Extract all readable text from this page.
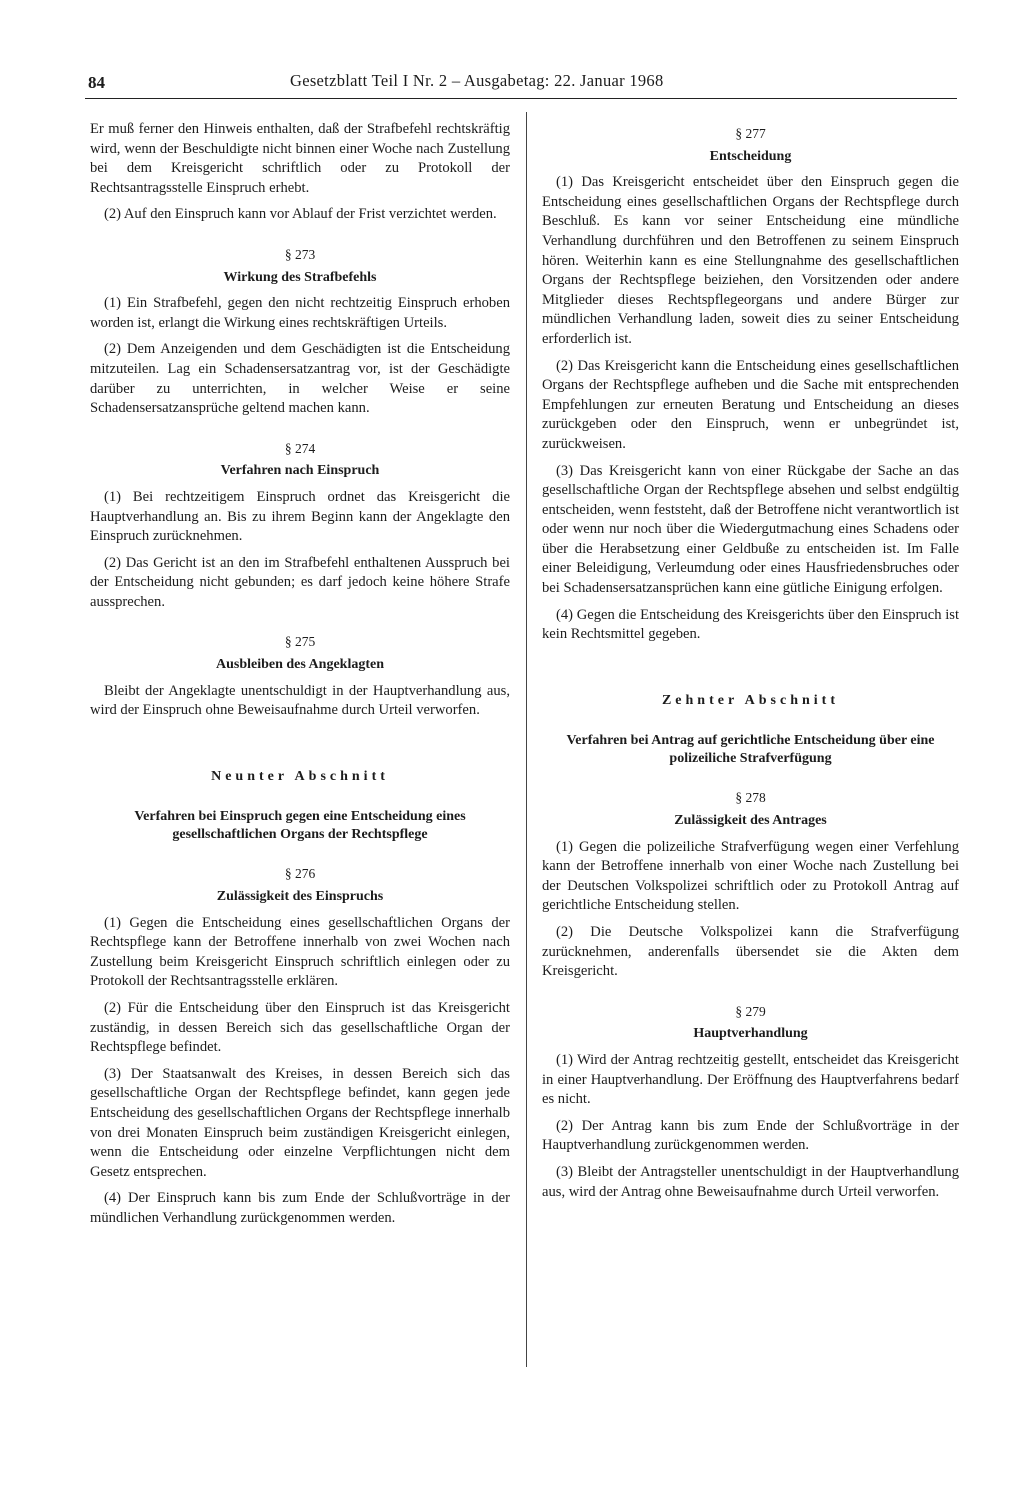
84	Gesetzblatt Teil I Nr. 2 – Ausgabetag: 22. Januar 1968

Er muß ferner den Hinweis enthalten, daß der Strafbefehl rechtskräftig wird, wenn der Beschuldigte nicht binnen einer Woche nach Zustellung bei dem Kreisgericht schriftlich oder zu Protokoll der Rechtsantragsstelle Einspruch erhebt.

(2) Auf den Einspruch kann vor Ablauf der Frist verzichtet werden.

§ 273
Wirkung des Strafbefehls

(1) Ein Strafbefehl, gegen den nicht rechtzeitig Einspruch erhoben worden ist, erlangt die Wirkung eines rechtskräftigen Urteils.

(2) Dem Anzeigenden und dem Geschädigten ist die Entscheidung mitzuteilen. Lag ein Schadensersatzantrag vor, ist der Geschädigte darüber zu unterrichten, in welcher Weise er seine Schadensersatzansprüche geltend machen kann.

§ 274
Verfahren nach Einspruch

(1) Bei rechtzeitigem Einspruch ordnet das Kreisgericht die Hauptverhandlung an. Bis zu ihrem Beginn kann der Angeklagte den Einspruch zurücknehmen.

(2) Das Gericht ist an den im Strafbefehl enthaltenen Ausspruch bei der Entscheidung nicht gebunden; es darf jedoch keine höhere Strafe aussprechen.

§ 275
Ausbleiben des Angeklagten

Bleibt der Angeklagte unentschuldigt in der Hauptverhandlung aus, wird der Einspruch ohne Beweisaufnahme durch Urteil verworfen.

Neunter Abschnitt
Verfahren bei Einspruch gegen eine Entscheidung eines gesellschaftlichen Organs der Rechtspflege
§ 276
Zulässigkeit des Einspruchs

(1) Gegen die Entscheidung eines gesellschaftlichen Organs der Rechtspflege kann der Betroffene innerhalb von zwei Wochen nach Zustellung beim Kreisgericht Einspruch schriftlich einlegen oder zu Protokoll der Rechtsantragsstelle erklären.

(2) Für die Entscheidung über den Einspruch ist das Kreisgericht zuständig, in dessen Bereich sich das gesellschaftliche Organ der Rechtspflege befindet.

(3) Der Staatsanwalt des Kreises, in dessen Bereich sich das gesellschaftliche Organ der Rechtspflege befindet, kann gegen jede Entscheidung des gesellschaftlichen Organs der Rechtspflege innerhalb von drei Monaten Einspruch beim zuständigen Kreisgericht einlegen, wenn die Entscheidung oder einzelne Verpflichtungen nicht dem Gesetz entsprechen.

(4) Der Einspruch kann bis zum Ende der Schlußvorträge in der mündlichen Verhandlung zurückgenommen werden.

§ 277
Entscheidung

(1) Das Kreisgericht entscheidet über den Einspruch gegen die Entscheidung eines gesellschaftlichen Organs der Rechtspflege durch Beschluß. Es kann vor seiner Entscheidung eine mündliche Verhandlung durchführen und den Betroffenen zu seinem Einspruch hören. Weiterhin kann es eine Stellungnahme des gesellschaftlichen Organs der Rechtspflege beiziehen, den Vorsitzenden oder andere Mitglieder dieses Rechtspflegeorgans und andere Bürger zur mündlichen Verhandlung laden, soweit dies zu seiner Entscheidung erforderlich ist.

(2) Das Kreisgericht kann die Entscheidung eines gesellschaftlichen Organs der Rechtspflege aufheben und die Sache mit entsprechenden Empfehlungen zur erneuten Beratung und Entscheidung an dieses zurückgeben oder den Einspruch, wenn er unbegründet ist, zurückweisen.

(3) Das Kreisgericht kann von einer Rückgabe der Sache an das gesellschaftliche Organ der Rechtspflege absehen und selbst endgültig entscheiden, wenn feststeht, daß der Betroffene nicht verantwortlich ist oder wenn nur noch über die Wiedergutmachung eines Schadens oder über die Herabsetzung einer Geldbuße zu entscheiden ist. Im Falle einer Beleidigung, Verleumdung oder eines Hausfriedensbruches oder bei Schadensersatzansprüchen kann eine gütliche Einigung erfolgen.

(4) Gegen die Entscheidung des Kreisgerichts über den Einspruch ist kein Rechtsmittel gegeben.

Zehnter Abschnitt
Verfahren bei Antrag auf gerichtliche Entscheidung über eine polizeiliche Strafverfügung
§ 278
Zulässigkeit des Antrages

(1) Gegen die polizeiliche Strafverfügung wegen einer Verfehlung kann der Betroffene innerhalb von einer Woche nach Zustellung bei der Deutschen Volkspolizei schriftlich oder zu Protokoll Antrag auf gerichtliche Entscheidung stellen.

(2) Die Deutsche Volkspolizei kann die Strafverfügung zurücknehmen, anderenfalls übersendet sie die Akten dem Kreisgericht.

§ 279
Hauptverhandlung

(1) Wird der Antrag rechtzeitig gestellt, entscheidet das Kreisgericht in einer Hauptverhandlung. Der Eröffnung des Hauptverfahrens bedarf es nicht.

(2) Der Antrag kann bis zum Ende der Schlußvorträge in der Hauptverhandlung zurückgenommen werden.

(3) Bleibt der Antragsteller unentschuldigt in der Hauptverhandlung aus, wird der Antrag ohne Beweisaufnahme durch Urteil verworfen.
